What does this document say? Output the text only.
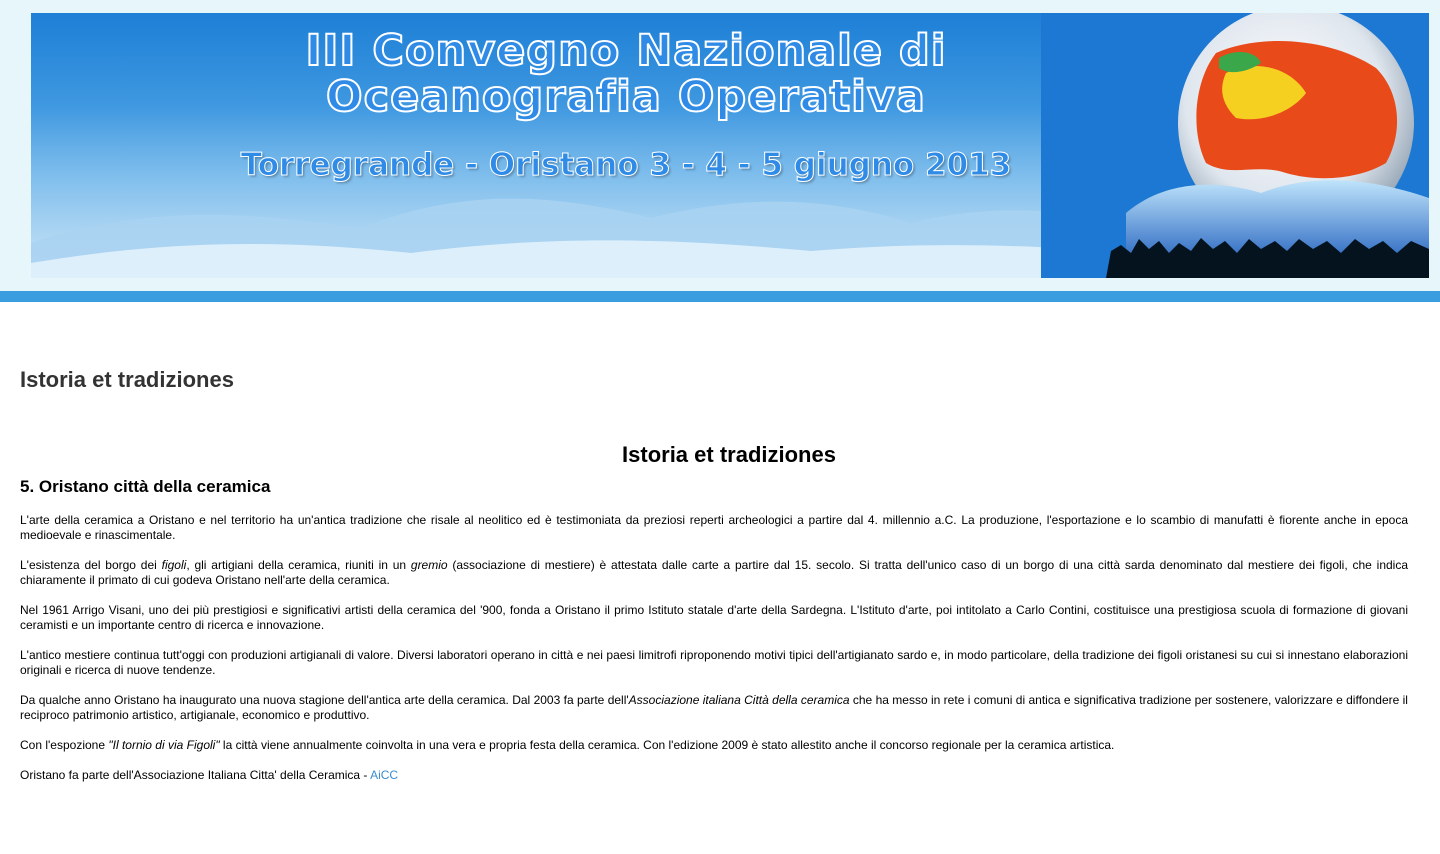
III Convegno Nazionale di
Oceanografia Operativa
Torregrande - Oristano 3 - 4 - 5 giugno 2013
Istoria et tradiziones
Istoria et tradiziones
5. Oristano città della ceramica

L'arte della ceramica a Oristano e nel territorio ha un'antica tradizione che risale al neolitico ed è testimoniata da preziosi reperti archeologici a partire dal 4. millennio a.C. La produzione, l'esportazione e lo scambio di manufatti è fiorente anche in epoca medioevale e rinascimentale.

L'esistenza del borgo dei figoli, gli artigiani della ceramica, riuniti in un gremio (associazione di mestiere) è attestata dalle carte a partire dal 15. secolo. Si tratta dell'unico caso di un borgo di una città sarda denominato dal mestiere dei figoli, che indica chiaramente il primato di cui godeva Oristano nell'arte della ceramica.

Nel 1961 Arrigo Visani, uno dei più prestigiosi e significativi artisti della ceramica del '900, fonda a Oristano il primo Istituto statale d'arte della Sardegna. L'Istituto d'arte, poi intitolato a Carlo Contini, costituisce una prestigiosa scuola di formazione di giovani ceramisti e un importante centro di ricerca e innovazione.

L'antico mestiere continua tutt'oggi con produzioni artigianali di valore. Diversi laboratori operano in città e nei paesi limitrofi riproponendo motivi tipici dell'artigianato sardo e, in modo particolare, della tradizione dei figoli oristanesi su cui si innestano elaborazioni originali e ricerca di nuove tendenze.

Da qualche anno Oristano ha inaugurato una nuova stagione dell'antica arte della ceramica. Dal 2003 fa parte dell'Associazione italiana Città della ceramica che ha messo in rete i comuni di antica e significativa tradizione per sostenere, valorizzare e diffondere il reciproco patrimonio artistico, artigianale, economico e produttivo.

Con l'espozione "Il tornio di via Figoli" la città viene annualmente coinvolta in una vera e propria festa della ceramica. Con l'edizione 2009 è stato allestito anche il concorso regionale per la ceramica artistica.

Oristano fa parte dell'Associazione Italiana Citta' della Ceramica - AiCC
